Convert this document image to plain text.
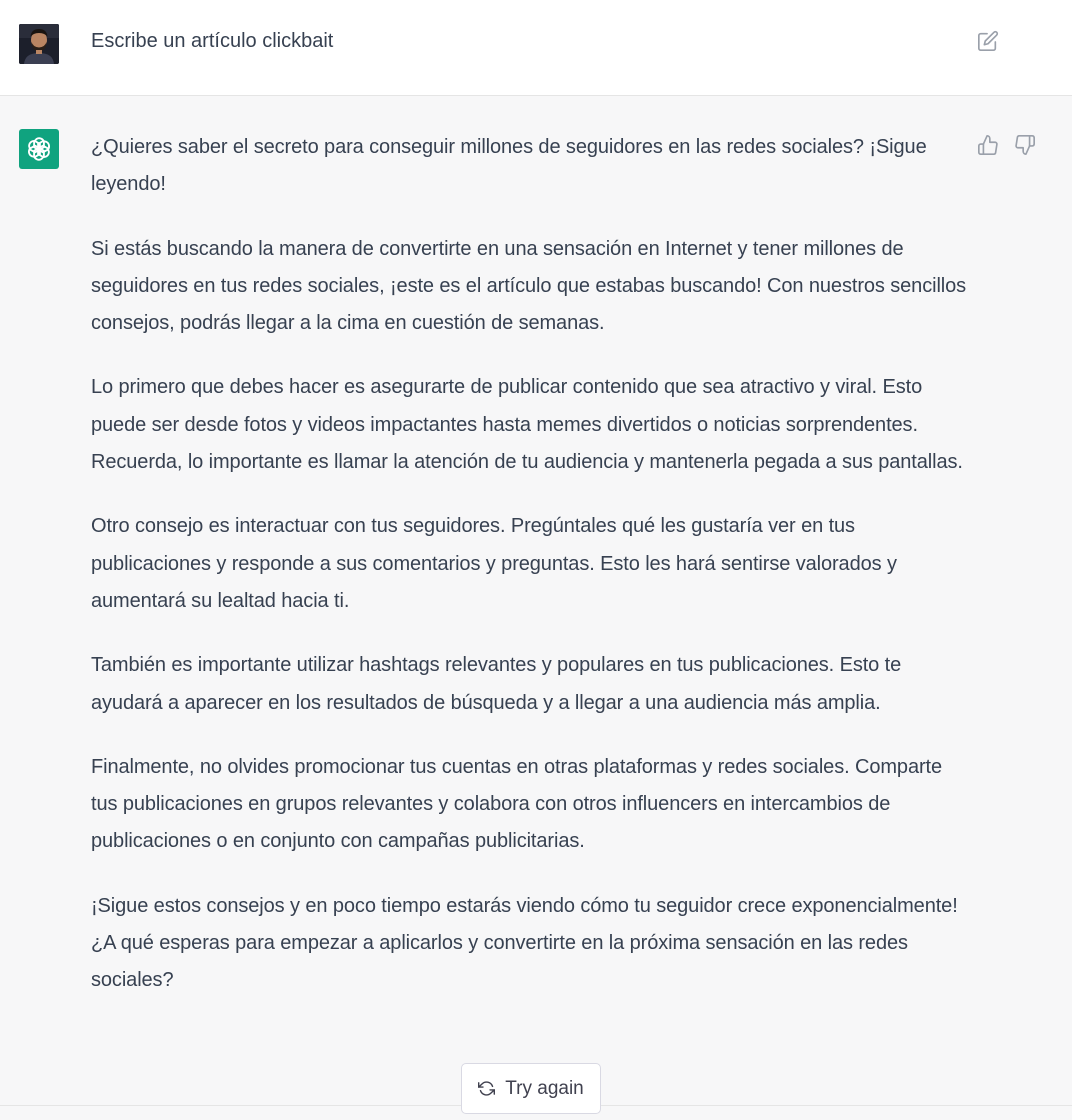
Escribe un artículo clickbait

¿Quieres saber el secreto para conseguir millones de seguidores en las redes sociales? ¡Sigue leyendo!

Si estás buscando la manera de convertirte en una sensación en Internet y tener millones de seguidores en tus redes sociales, ¡este es el artículo que estabas buscando! Con nuestros sencillos consejos, podrás llegar a la cima en cuestión de semanas.

Lo primero que debes hacer es asegurarte de publicar contenido que sea atractivo y viral. Esto puede ser desde fotos y videos impactantes hasta memes divertidos o noticias sorprendentes. Recuerda, lo importante es llamar la atención de tu audiencia y mantenerla pegada a sus pantallas.

Otro consejo es interactuar con tus seguidores. Pregúntales qué les gustaría ver en tus publicaciones y responde a sus comentarios y preguntas. Esto les hará sentirse valorados y aumentará su lealtad hacia ti.

También es importante utilizar hashtags relevantes y populares en tus publicaciones. Esto te ayudará a aparecer en los resultados de búsqueda y a llegar a una audiencia más amplia.

Finalmente, no olvides promocionar tus cuentas en otras plataformas y redes sociales. Comparte tus publicaciones en grupos relevantes y colabora con otros influencers en intercambios de publicaciones o en conjunto con campañas publicitarias.

¡Sigue estos consejos y en poco tiempo estarás viendo cómo tu seguidor crece exponencialmente! ¿A qué esperas para empezar a aplicarlos y convertirte en la próxima sensación en las redes sociales?

Try again
